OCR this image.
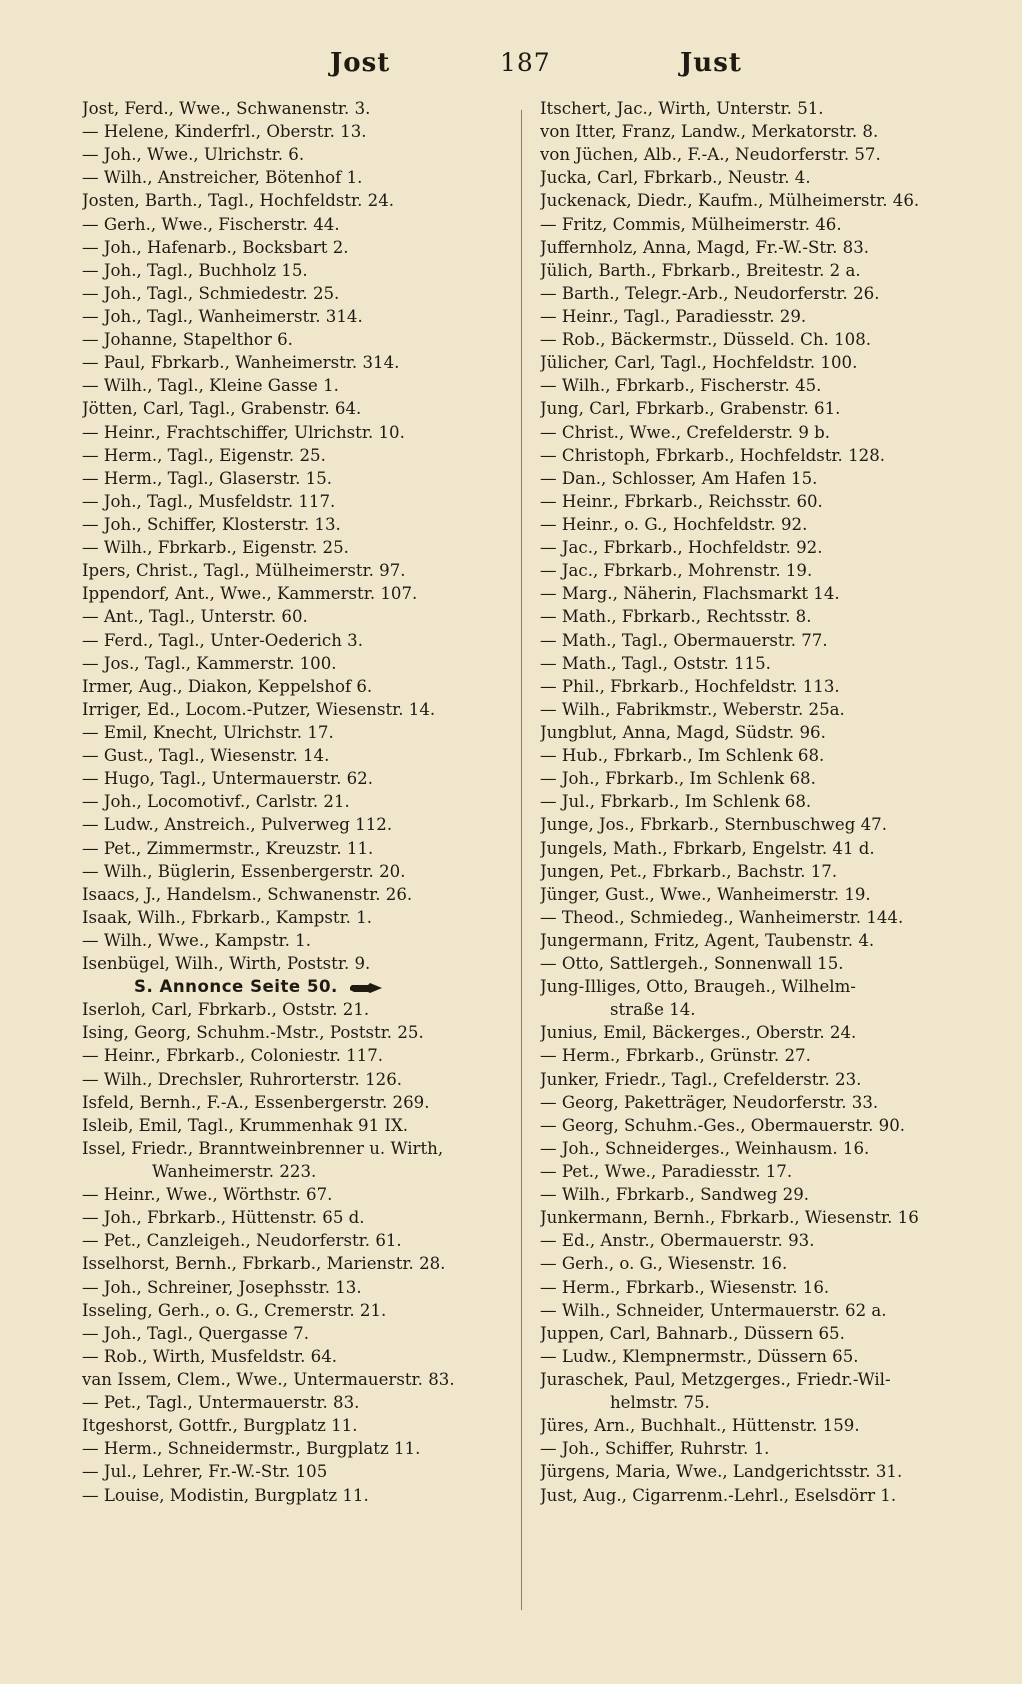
Jost	187	Just
Jost, Ferd., Wwe., Schwanenstr. 3.
— Helene, Kinderfrl., Oberstr. 13.
— Joh., Wwe., Ulrichstr. 6.
— Wilh., Anstreicher, Bötenhof 1.
Josten, Barth., Tagl., Hochfeldstr. 24.
— Gerh., Wwe., Fischerstr. 44.
— Joh., Hafenarb., Bocksbart 2.
— Joh., Tagl., Buchholz 15.
— Joh., Tagl., Schmiedestr. 25.
— Joh., Tagl., Wanheimerstr. 314.
— Johanne, Stapelthor 6.
— Paul, Fbrkarb., Wanheimerstr. 314.
— Wilh., Tagl., Kleine Gasse 1.
Jötten, Carl, Tagl., Grabenstr. 64.
— Heinr., Frachtschiffer, Ulrichstr. 10.
— Herm., Tagl., Eigenstr. 25.
— Herm., Tagl., Glaserstr. 15.
— Joh., Tagl., Musfeldstr. 117.
— Joh., Schiffer, Klosterstr. 13.
— Wilh., Fbrkarb., Eigenstr. 25.
Ipers, Christ., Tagl., Mülheimerstr. 97.
Ippendorf, Ant., Wwe., Kammerstr. 107.
— Ant., Tagl., Unterstr. 60.
— Ferd., Tagl., Unter-Oederich 3.
— Jos., Tagl., Kammerstr. 100.
Irmer, Aug., Diakon, Keppelshof 6.
Irriger, Ed., Locom.-Putzer, Wiesenstr. 14.
— Emil, Knecht, Ulrichstr. 17.
— Gust., Tagl., Wiesenstr. 14.
— Hugo, Tagl., Untermauerstr. 62.
— Joh., Locomotivf., Carlstr. 21.
— Ludw., Anstreich., Pulverweg 112.
— Pet., Zimmermstr., Kreuzstr. 11.
— Wilh., Büglerin, Essenbergerstr. 20.
Isaacs, J., Handelsm., Schwanenstr. 26.
Isaak, Wilh., Fbrkarb., Kampstr. 1.
— Wilh., Wwe., Kampstr. 1.
Isenbügel, Wilh., Wirth, Poststr. 9.
S. Annonce Seite 50.
Iserloh, Carl, Fbrkarb., Oststr. 21.
Ising, Georg, Schuhm.-Mstr., Poststr. 25.
— Heinr., Fbrkarb., Coloniestr. 117.
— Wilh., Drechsler, Ruhrorterstr. 126.
Isfeld, Bernh., F.-A., Essenbergerstr. 269.
Isleib, Emil, Tagl., Krummenhak 91 IX.
Issel, Friedr., Branntweinbrenner u. Wirth,
Wanheimerstr. 223.
— Heinr., Wwe., Wörthstr. 67.
— Joh., Fbrkarb., Hüttenstr. 65 d.
— Pet., Canzleigeh., Neudorferstr. 61.
Isselhorst, Bernh., Fbrkarb., Marienstr. 28.
— Joh., Schreiner, Josephsstr. 13.
Isseling, Gerh., o. G., Cremerstr. 21.
— Joh., Tagl., Quergasse 7.
— Rob., Wirth, Musfeldstr. 64.
van Issem, Clem., Wwe., Untermauerstr. 83.
— Pet., Tagl., Untermauerstr. 83.
Itgeshorst, Gottfr., Burgplatz 11.
— Herm., Schneidermstr., Burgplatz 11.
— Jul., Lehrer, Fr.-W.-Str. 105
— Louise, Modistin, Burgplatz 11.
Itschert, Jac., Wirth, Unterstr. 51.
von Itter, Franz, Landw., Merkatorstr. 8.
von Jüchen, Alb., F.-A., Neudorferstr. 57.
Jucka, Carl, Fbrkarb., Neustr. 4.
Juckenack, Diedr., Kaufm., Mülheimerstr. 46.
— Fritz, Commis, Mülheimerstr. 46.
Juffernholz, Anna, Magd, Fr.-W.-Str. 83.
Jülich, Barth., Fbrkarb., Breitestr. 2 a.
— Barth., Telegr.-Arb., Neudorferstr. 26.
— Heinr., Tagl., Paradiesstr. 29.
— Rob., Bäckermstr., Düsseld. Ch. 108.
Jülicher, Carl, Tagl., Hochfeldstr. 100.
— Wilh., Fbrkarb., Fischerstr. 45.
Jung, Carl, Fbrkarb., Grabenstr. 61.
— Christ., Wwe., Crefelderstr. 9 b.
— Christoph, Fbrkarb., Hochfeldstr. 128.
— Dan., Schlosser, Am Hafen 15.
— Heinr., Fbrkarb., Reichsstr. 60.
— Heinr., o. G., Hochfeldstr. 92.
— Jac., Fbrkarb., Hochfeldstr. 92.
— Jac., Fbrkarb., Mohrenstr. 19.
— Marg., Näherin, Flachsmarkt 14.
— Math., Fbrkarb., Rechtsstr. 8.
— Math., Tagl., Obermauerstr. 77.
— Math., Tagl., Oststr. 115.
— Phil., Fbrkarb., Hochfeldstr. 113.
— Wilh., Fabrikmstr., Weberstr. 25a.
Jungblut, Anna, Magd, Südstr. 96.
— Hub., Fbrkarb., Im Schlenk 68.
— Joh., Fbrkarb., Im Schlenk 68.
— Jul., Fbrkarb., Im Schlenk 68.
Junge, Jos., Fbrkarb., Sternbuschweg 47.
Jungels, Math., Fbrkarb, Engelstr. 41 d.
Jungen, Pet., Fbrkarb., Bachstr. 17.
Jünger, Gust., Wwe., Wanheimerstr. 19.
— Theod., Schmiedeg., Wanheimerstr. 144.
Jungermann, Fritz, Agent, Taubenstr. 4.
— Otto, Sattlergeh., Sonnenwall 15.
Jung-Illiges, Otto, Braugeh., Wilhelm-
straße 14.
Junius, Emil, Bäckerges., Oberstr. 24.
— Herm., Fbrkarb., Grünstr. 27.
Junker, Friedr., Tagl., Crefelderstr. 23.
— Georg, Paketträger, Neudorferstr. 33.
— Georg, Schuhm.-Ges., Obermauerstr. 90.
— Joh., Schneiderges., Weinhausm. 16.
— Pet., Wwe., Paradiesstr. 17.
— Wilh., Fbrkarb., Sandweg 29.
Junkermann, Bernh., Fbrkarb., Wiesenstr. 16
— Ed., Anstr., Obermauerstr. 93.
— Gerh., o. G., Wiesenstr. 16.
— Herm., Fbrkarb., Wiesenstr. 16.
— Wilh., Schneider, Untermauerstr. 62 a.
Juppen, Carl, Bahnarb., Düssern 65.
— Ludw., Klempnermstr., Düssern 65.
Juraschek, Paul, Metzgerges., Friedr.-Wil-
helmstr. 75.
Jüres, Arn., Buchhalt., Hüttenstr. 159.
— Joh., Schiffer, Ruhrstr. 1.
Jürgens, Maria, Wwe., Landgerichtsstr. 31.
Just, Aug., Cigarrenm.-Lehrl., Eselsdörr 1.
